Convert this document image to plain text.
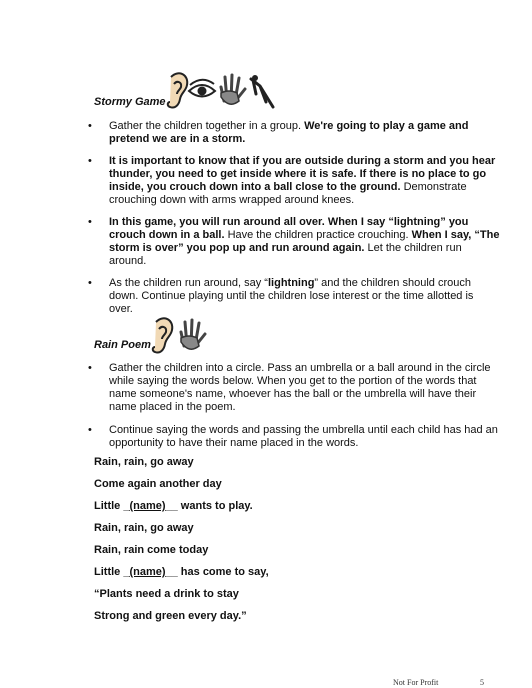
Stormy Game
• Gather the children together in a group. We're going to play a game and pretend we are in a storm.
• It is important to know that if you are outside during a storm and you hear thunder, you need to get inside where it is safe. If there is no place to go inside, you crouch down into a ball close to the ground. Demonstrate crouching down with arms wrapped around knees.
• In this game, you will run around all over. When I say “lightning” you crouch down in a ball. Have the children practice crouching. When I say, “The storm is over” you pop up and run around again. Let the children run around.
• As the children run around, say “lightning” and the children should crouch down. Continue playing until the children lose interest or the time allotted is over.
Rain Poem
• Gather the children into a circle. Pass an umbrella or a ball around in the circle while saying the words below. When you get to the portion of the words that name someone's name, whoever has the ball or the umbrella will have their name placed in the poem.
• Continue saying the words and passing the umbrella until each child has had an opportunity to have their name placed in the words.
Rain, rain, go away
Come again another day
Little _(name)__ wants to play.
Rain, rain, go away
Rain, rain come today
Little _(name)__ has come to say,
“Plants need a drink to stay
Strong and green every day.”
Not For Profit	5
